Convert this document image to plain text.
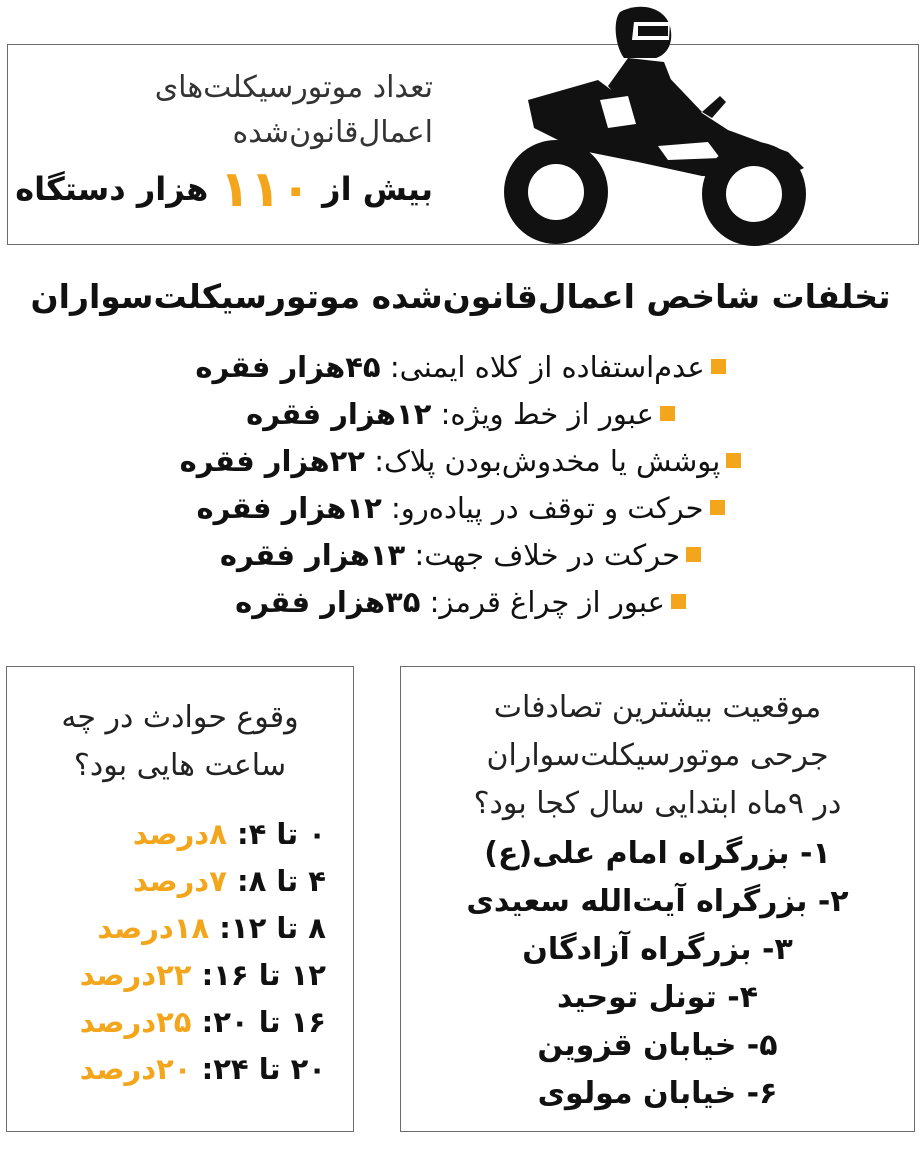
تعداد موتورسیکلت‌های
اعمال‌قانون‌شده
بیش از ۱۱۰ هزار دستگاه
تخلفات شاخص اعمال‌قانون‌شده موتورسیکلت‌سواران
عدم‌استفاده از کلاه ایمنی: ۴۵هزار فقره
عبور از خط ویژه: ۱۲هزار فقره
پوشش یا مخدوش‌بودن پلاک: ۲۲هزار فقره
حرکت و توقف در پیاده‌رو: ۱۲هزار فقره
حرکت در خلاف جهت: ۱۳هزار فقره
عبور از چراغ قرمز: ۳۵هزار فقره
وقوع حوادث در چه
ساعت هایی بود؟
۰ تا ۴: ۸درصد
۴ تا ۸: ۷درصد
۸ تا ۱۲: ۱۸درصد
۱۲ تا ۱۶: ۲۲درصد
۱۶ تا ۲۰: ۲۵درصد
۲۰ تا ۲۴: ۲۰درصد
موقعیت بیشترین تصادفات
جرحی موتورسیکلت‌سواران
در ۹ماه ابتدایی سال کجا بود؟
۱- بزرگراه امام علی(ع)
۲- بزرگراه آیت‌الله سعیدی
۳- بزرگراه آزادگان
۴- تونل توحید
۵- خیابان قزوین
۶- خیابان مولوی
